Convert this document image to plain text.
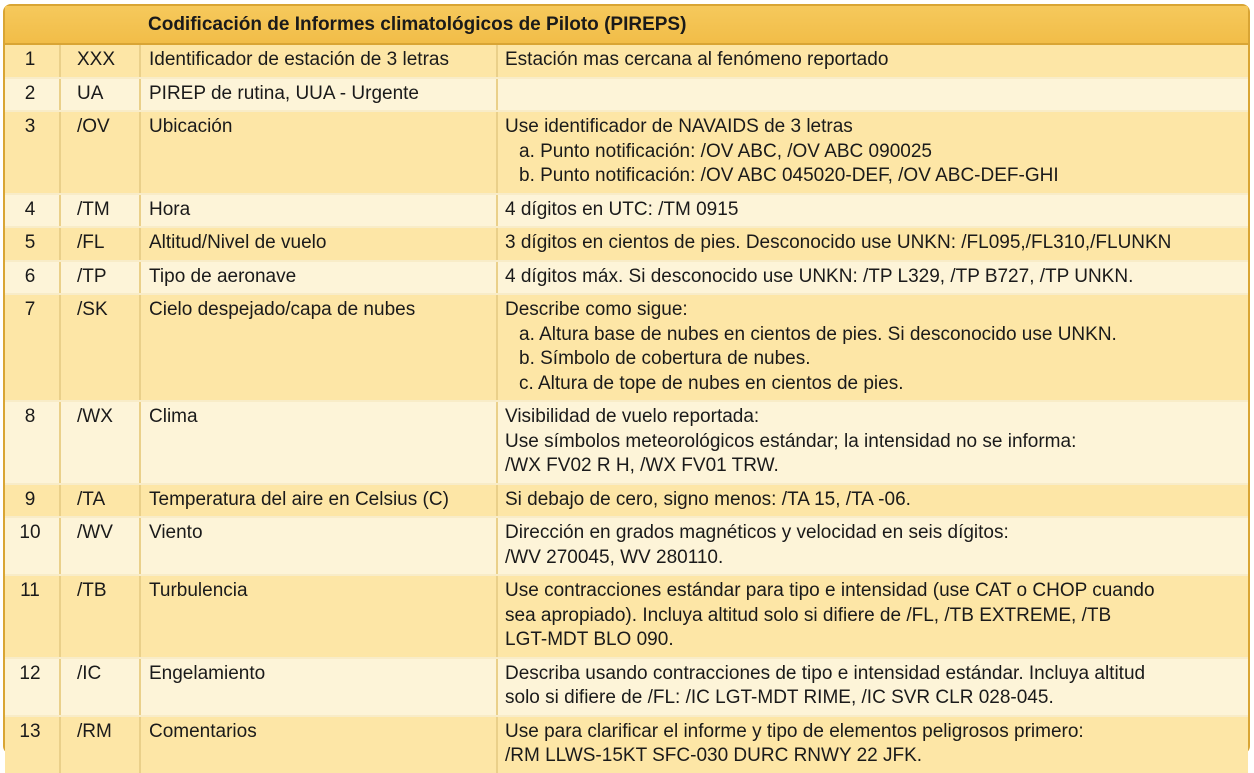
		Codificación de Informes climatológicos de Piloto (PIREPS)	
1	XXX	Identificador de estación de 3 letras	Estación mas cercana al fenómeno reportado

2	UA	PIREP de rutina, UUA - Urgente	
3	/OV	Ubicación	Use identificador de NAVAIDS de 3 letras
a. Punto notificación: /OV ABC, /OV ABC 090025
b. Punto notificación: /OV ABC 045020-DEF, /OV ABC-DEF-GHI

4	/TM	Hora	4 dígitos en UTC: /TM 0915

5	/FL	Altitud/Nivel de vuelo	3 dígitos en cientos de pies. Desconocido use UNKN: /FL095,/FL310,/FLUNKN

6	/TP	Tipo de aeronave	4 dígitos máx. Si desconocido use UNKN: /TP L329, /TP B727, /TP UNKN.

7	/SK	Cielo despejado/capa de nubes	Describe como sigue:
a. Altura base de nubes en cientos de pies. Si desconocido use UNKN.
b. Símbolo de cobertura de nubes.
c. Altura de tope de nubes en cientos de pies.

8	/WX	Clima	Visibilidad de vuelo reportada:
Use símbolos meteorológicos estándar; la intensidad no se informa:
/WX FV02 R H, /WX FV01 TRW.

9	/TA	Temperatura del aire en Celsius (C)	Si debajo de cero, signo menos: /TA 15, /TA -06.

10	/WV	Viento	Dirección en grados magnéticos y velocidad en seis dígitos:
/WV 270045, WV 280110.

11	/TB	Turbulencia	Use contracciones estándar para tipo e intensidad (use CAT o CHOP cuando
sea apropiado). Incluya altitud solo si difiere de /FL, /TB EXTREME, /TB
LGT-MDT BLO 090.

12	/IC	Engelamiento	Describa usando contracciones de tipo e intensidad estándar. Incluya altitud
solo si difiere de /FL: /IC LGT-MDT RIME, /IC SVR CLR 028-045.

13	/RM	Comentarios	Use para clarificar el informe y tipo de elementos peligrosos primero:
/RM LLWS-15KT SFC-030 DURC RNWY 22 JFK.
